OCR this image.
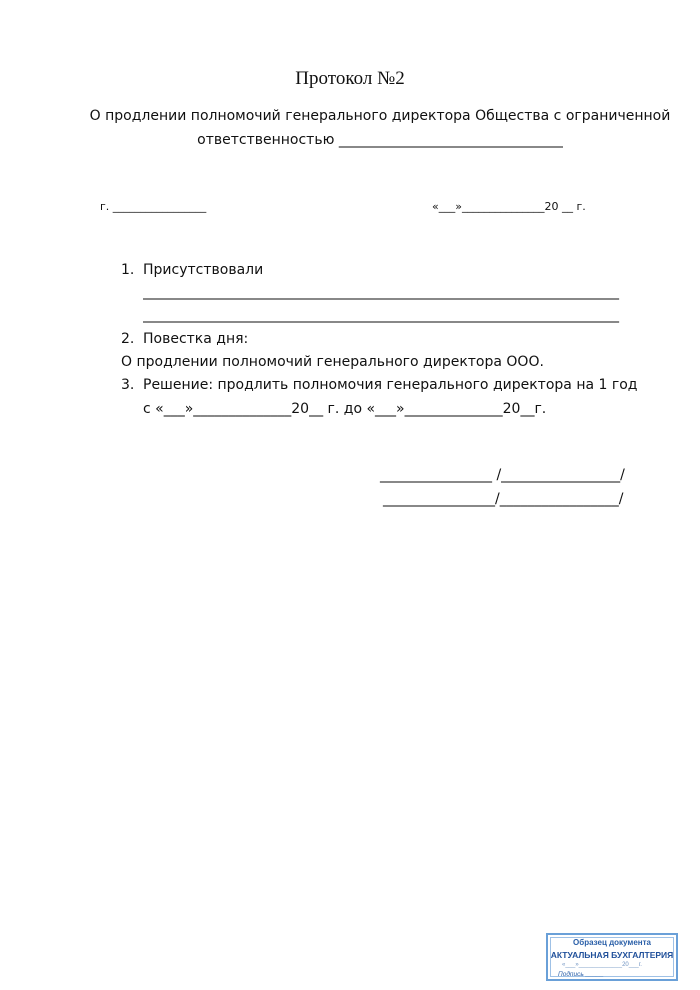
Протокол №2
О продлении полномочий генерального директора Общества с ограниченной
ответственностью ________________________________
г. _________________	«___»_______________20 __ г.
1. Присутствовали
____________________________________________________________________
____________________________________________________________________
2. Повестка дня:
О продлении полномочий генерального директора ООО.
3. Решение: продлить полномочия генерального директора на 1 год
с «___»______________20__ г. до «___»______________20__г.
________________ /_________________/
________________/_________________/
Образец документа
АКТУАЛЬНАЯ БУХГАЛТЕРИЯ
«___»_____________20___г.
Подпись _____
